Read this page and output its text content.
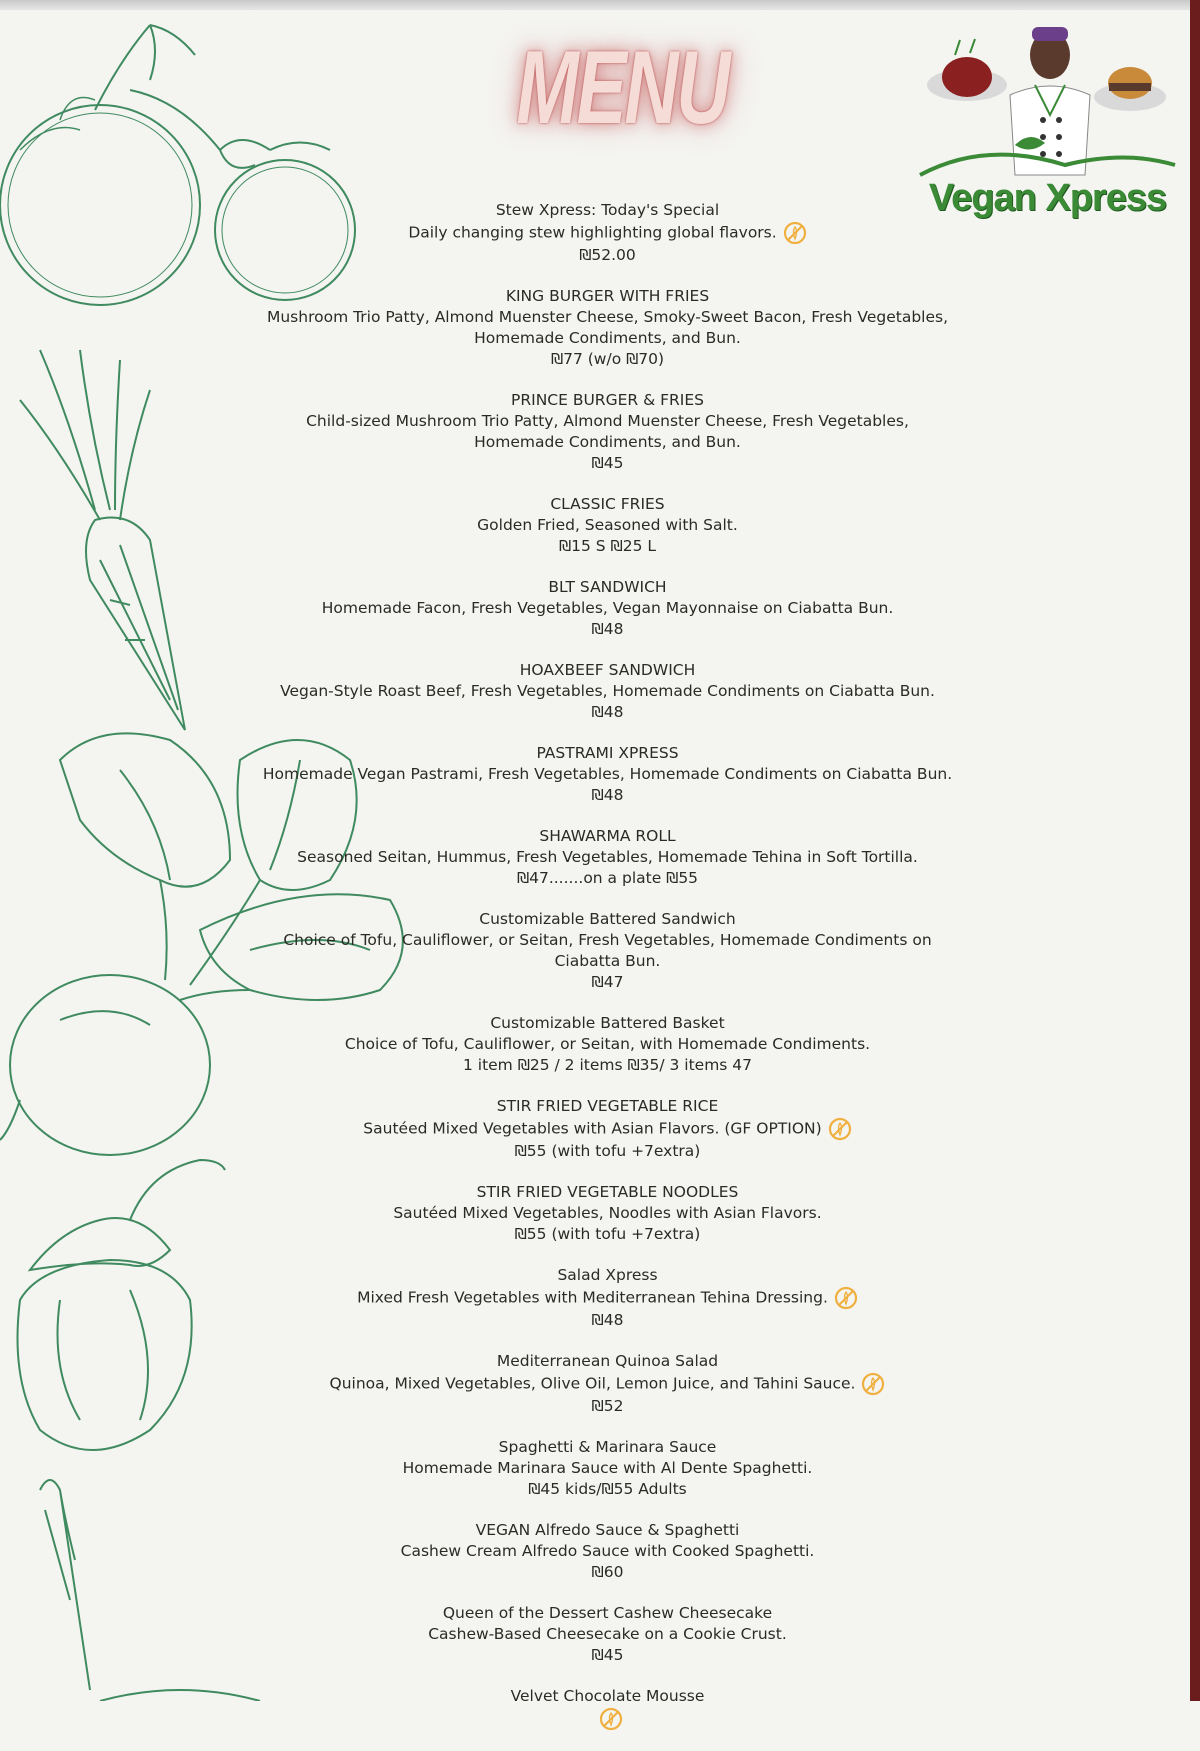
MENU
Vegan Xpress
Stew Xpress: Today's Special
Daily changing stew highlighting global flavors.
₪52.00
KING BURGER WITH FRIES
Mushroom Trio Patty, Almond Muenster Cheese, Smoky-Sweet Bacon, Fresh Vegetables, Homemade Condiments, and Bun.
₪77 (w/o ₪70)
PRINCE BURGER & FRIES
Child-sized Mushroom Trio Patty, Almond Muenster Cheese, Fresh Vegetables, Homemade Condiments, and Bun.
₪45
CLASSIC FRIES
Golden Fried, Seasoned with Salt.
₪15 S ₪25 L
BLT SANDWICH
Homemade Facon, Fresh Vegetables, Vegan Mayonnaise on Ciabatta Bun.
₪48
HOAXBEEF SANDWICH
Vegan-Style Roast Beef, Fresh Vegetables, Homemade Condiments on Ciabatta Bun.
₪48
PASTRAMI XPRESS
Homemade Vegan Pastrami, Fresh Vegetables, Homemade Condiments on Ciabatta Bun.
₪48
SHAWARMA ROLL
Seasoned Seitan, Hummus, Fresh Vegetables, Homemade Tehina in Soft Tortilla.
₪47.......on a plate ₪55
Customizable Battered Sandwich
Choice of Tofu, Cauliflower, or Seitan, Fresh Vegetables, Homemade Condiments on Ciabatta Bun.
₪47
Customizable Battered Basket
Choice of Tofu, Cauliflower, or Seitan, with Homemade Condiments.
1 item ₪25 / 2 items ₪35/ 3 items 47
STIR FRIED VEGETABLE RICE
Sautéed Mixed Vegetables with Asian Flavors. (GF OPTION)
₪55 (with tofu +7extra)
STIR FRIED VEGETABLE NOODLES
Sautéed Mixed Vegetables, Noodles with Asian Flavors.
₪55 (with tofu +7extra)
Salad Xpress
Mixed Fresh Vegetables with Mediterranean Tehina Dressing.
₪48
Mediterranean Quinoa Salad
Quinoa, Mixed Vegetables, Olive Oil, Lemon Juice, and Tahini Sauce.
₪52
Spaghetti & Marinara Sauce
Homemade Marinara Sauce with Al Dente Spaghetti.
₪45 kids/₪55 Adults
VEGAN Alfredo Sauce & Spaghetti
Cashew Cream Alfredo Sauce with Cooked Spaghetti.
₪60
Queen of the Dessert Cashew Cheesecake
Cashew-Based Cheesecake on a Cookie Crust.
₪45
Velvet Chocolate Mousse
